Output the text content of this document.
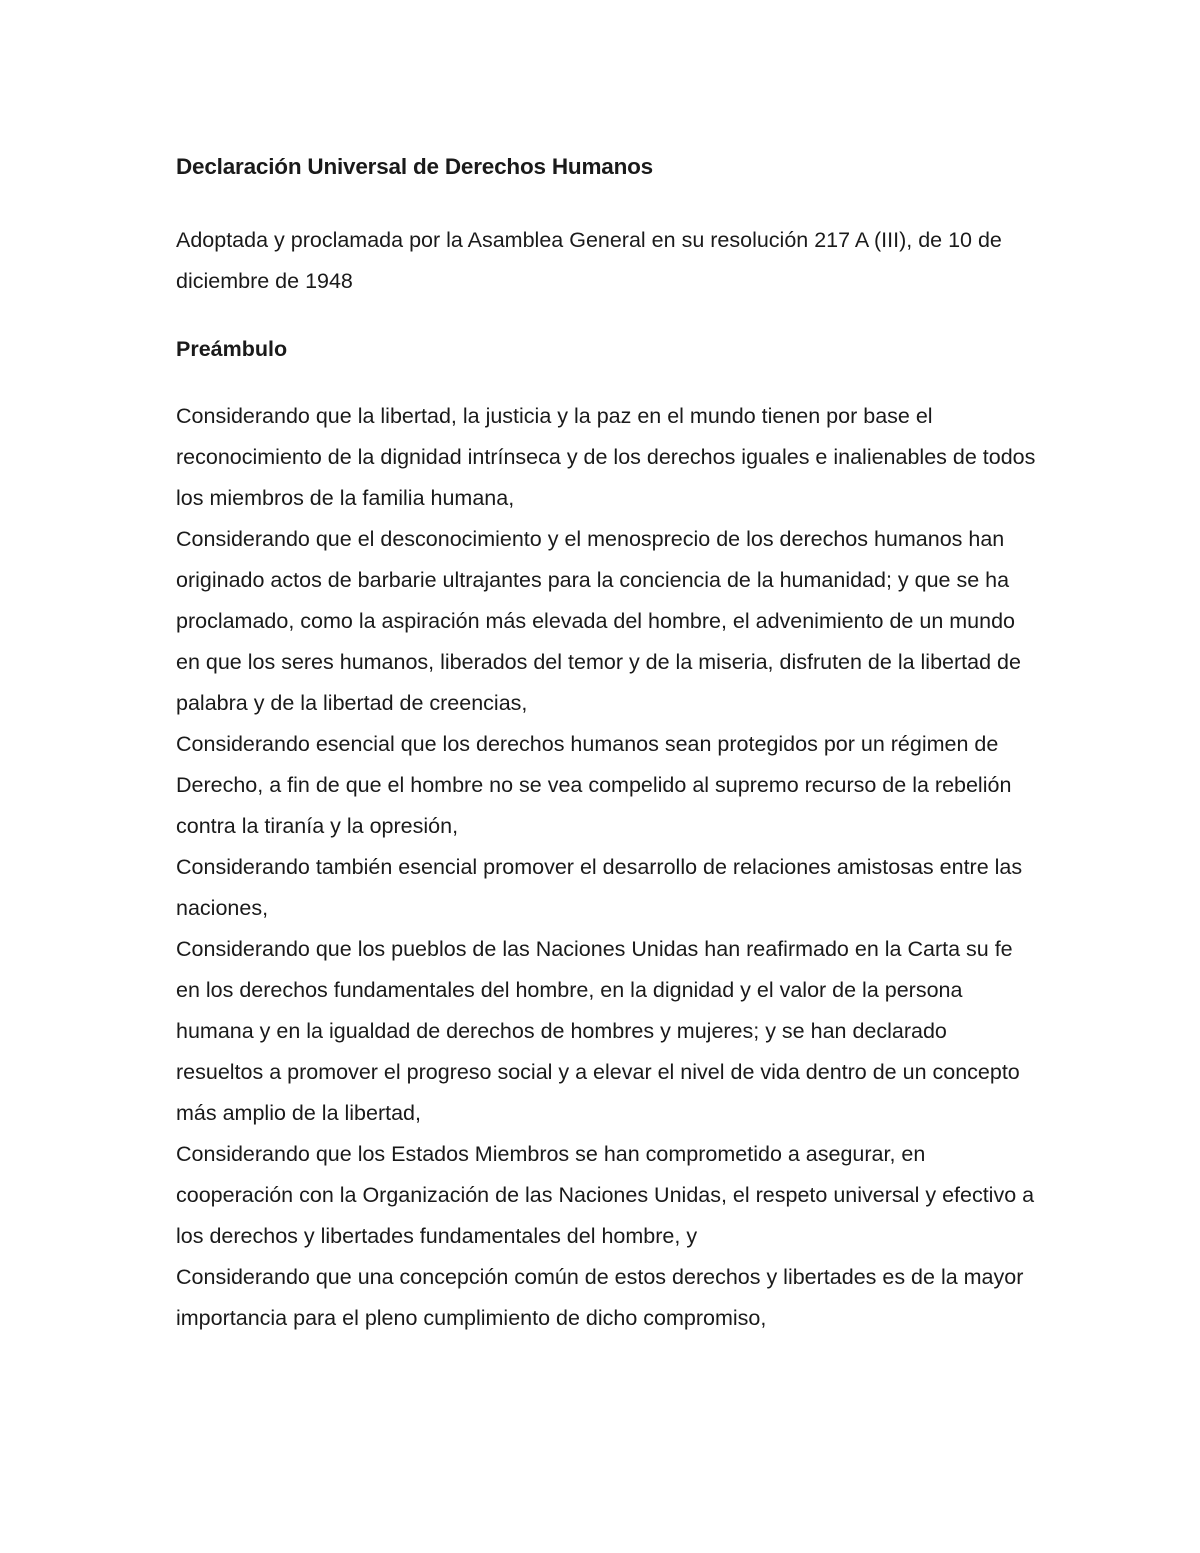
Declaración Universal de Derechos Humanos

Adoptada y proclamada por la Asamblea General en su resolución 217 A (III), de 10 de diciembre de 1948

Preámbulo

Considerando que la libertad, la justicia y la paz en el mundo tienen por base el reconocimiento de la dignidad intrínseca y de los derechos iguales e inalienables de todos los miembros de la familia humana,

Considerando que el desconocimiento y el menosprecio de los derechos humanos han originado actos de barbarie ultrajantes para la conciencia de la humanidad; y que se ha proclamado, como la aspiración más elevada del hombre, el advenimiento de un mundo en que los seres humanos, liberados del temor y de la miseria, disfruten de la libertad de palabra y de la libertad de creencias,

Considerando esencial que los derechos humanos sean protegidos por un régimen de Derecho, a fin de que el hombre no se vea compelido al supremo recurso de la rebelión contra la tiranía y la opresión,

Considerando también esencial promover el desarrollo de relaciones amistosas entre las naciones,

Considerando que los pueblos de las Naciones Unidas han reafirmado en la Carta su fe en los derechos fundamentales del hombre, en la dignidad y el valor de la persona humana y en la igualdad de derechos de hombres y mujeres; y se han declarado resueltos a promover el progreso social y a elevar el nivel de vida dentro de un concepto más amplio de la libertad,

Considerando que los Estados Miembros se han comprometido a asegurar, en cooperación con la Organización de las Naciones Unidas, el respeto universal y efectivo a los derechos y libertades fundamentales del hombre, y

Considerando que una concepción común de estos derechos y libertades es de la mayor importancia para el pleno cumplimiento de dicho compromiso,
